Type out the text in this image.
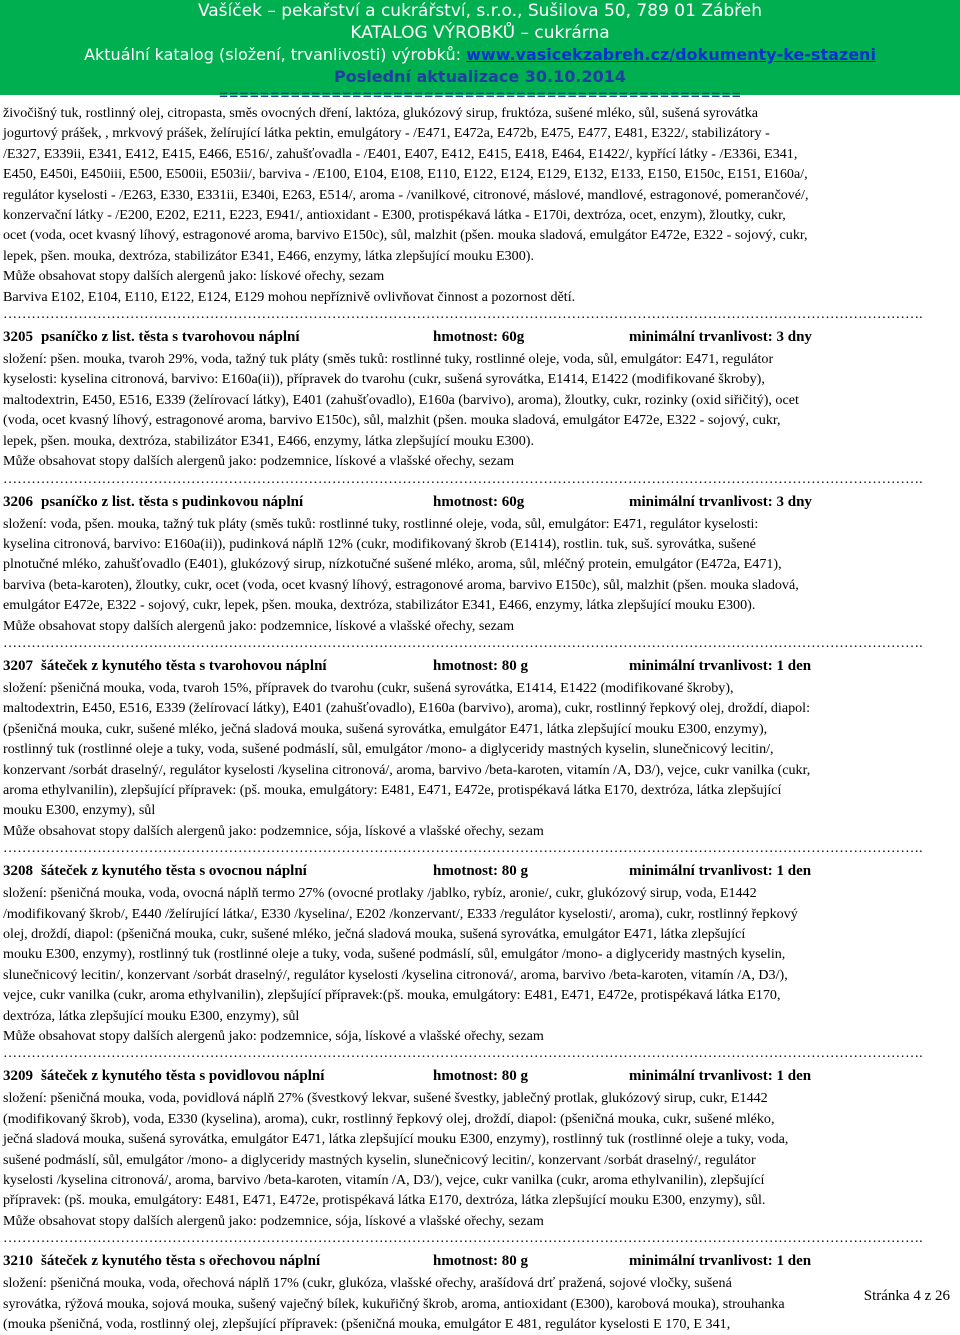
Vašíček – pekařství a cukrářství, s.r.o., Sušilova 50, 789 01 Zábřeh
KATALOG VÝROBKŮ – cukrárna
Aktuální katalog (složení, trvanlivosti) výrobků: www.vasicekzabreh.cz/dokumenty-ke-stazeni
Poslední aktualizace 30.10.2014
===================================================
živočišný tuk, rostlinný olej, citropasta, směs ovocných dření, laktóza, glukózový sirup, fruktóza, sušené mléko, sůl, sušená syrovátka
jogurtový prášek, , mrkvový prášek, želírující látka pektin, emulgátory - /E471, E472a, E472b, E475, E477, E481, E322/, stabilizátory -
/E327, E339ii, E341, E412, E415, E466, E516/, zahušťovadla - /E401, E407, E412, E415, E418, E464, E1422/, kypřící látky - /E336i, E341,
E450, E450i, E450iii, E500, E500ii, E503ii/, barviva - /E100, E104, E108, E110, E122, E124, E129, E132, E133, E150, E150c, E151, E160a/,
regulátor kyselosti - /E263, E330, E331ii, E340i, E263, E514/, aroma - /vanilkové, citronové, máslové, mandlové, estragonové, pomerančové/,
konzervační látky - /E200, E202, E211, E223, E941/, antioxidant - E300, protispékavá látka - E170i, dextróza, ocet, enzym), žloutky, cukr,
ocet (voda, ocet kvasný líhový, estragonové aroma, barvivo E150c), sůl, malzhit (pšen. mouka sladová, emulgátor E472e, E322 - sojový, cukr,
lepek, pšen. mouka, dextróza, stabilizátor E341, E466, enzymy, látka zlepšující mouku E300).
Může obsahovat stopy dalších alergenů jako: lískové ořechy, sezam
Barviva E102, E104, E110, E122, E124, E129 mohou nepříznivě ovlivňovat činnost a pozornost dětí.
…………………………………………………………………………………………………………………………………………………………………………….
3205 psaníčko z list. těsta s tvarohovou náplní	hmotnost: 60g	minimální trvanlivost: 3 dny
složení: pšen. mouka, tvaroh 29%, voda, tažný tuk pláty (směs tuků: rostlinné tuky, rostlinné oleje, voda, sůl, emulgátor: E471, regulátor
kyselosti: kyselina citronová, barvivo: E160a(ii)), přípravek do tvarohu (cukr, sušená syrovátka, E1414, E1422 (modifikované škroby),
maltodextrin, E450, E516, E339 (želírovací látky), E401 (zahušťovadlo), E160a (barvivo), aroma), žloutky, cukr, rozinky (oxid siřičitý), ocet
(voda, ocet kvasný líhový, estragonové aroma, barvivo E150c), sůl, malzhit (pšen. mouka sladová, emulgátor E472e, E322 - sojový, cukr,
lepek, pšen. mouka, dextróza, stabilizátor E341, E466, enzymy, látka zlepšující mouku E300).
Může obsahovat stopy dalších alergenů jako: podzemnice, lískové a vlašské ořechy, sezam
…………………………………………………………………………………………………………………………………………………………………………….
3206 psaníčko z list. těsta s pudinkovou náplní	hmotnost: 60g	minimální trvanlivost: 3 dny
složení: voda, pšen. mouka, tažný tuk pláty (směs tuků: rostlinné tuky, rostlinné oleje, voda, sůl, emulgátor: E471, regulátor kyselosti:
kyselina citronová, barvivo: E160a(ii)), pudinková náplň 12% (cukr, modifikovaný škrob (E1414), rostlin. tuk, suš. syrovátka, sušené
plnotučné mléko, zahušťovadlo (E401), glukózový sirup, nízkotučné sušené mléko, aroma, sůl, mléčný protein, emulgátor (E472a, E471),
barviva (beta-karoten), žloutky, cukr, ocet (voda, ocet kvasný líhový, estragonové aroma, barvivo E150c), sůl, malzhit (pšen. mouka sladová,
emulgátor E472e, E322 - sojový, cukr, lepek, pšen. mouka, dextróza, stabilizátor E341, E466, enzymy, látka zlepšující mouku E300).
Může obsahovat stopy dalších alergenů jako: podzemnice, lískové a vlašské ořechy, sezam
…………………………………………………………………………………………………………………………………………………………………………….
3207 šáteček z kynutého těsta s tvarohovou náplní	hmotnost: 80 g	minimální trvanlivost: 1 den
složení: pšeničná mouka, voda, tvaroh 15%, přípravek do tvarohu (cukr, sušená syrovátka, E1414, E1422 (modifikované škroby),
maltodextrin, E450, E516, E339 (želírovací látky), E401 (zahušťovadlo), E160a (barvivo), aroma), cukr, rostlinný řepkový olej, droždí, diapol:
(pšeničná mouka, cukr, sušené mléko, ječná sladová mouka, sušená syrovátka, emulgátor E471, látka zlepšující mouku E300, enzymy),
rostlinný tuk (rostlinné oleje a tuky, voda, sušené podmáslí, sůl, emulgátor /mono- a diglyceridy mastných kyselin, slunečnicový lecitin/,
konzervant /sorbát draselný/, regulátor kyselosti /kyselina citronová/, aroma, barvivo /beta-karoten, vitamín /A, D3/), vejce, cukr vanilka (cukr,
aroma ethylvanilin), zlepšující přípravek: (pš. mouka, emulgátory: E481, E471, E472e, protispékavá látka E170, dextróza, látka zlepšující
mouku E300, enzymy), sůl
Může obsahovat stopy dalších alergenů jako: podzemnice, sója, lískové a vlašské ořechy, sezam
…………………………………………………………………………………………………………………………………………………………………………….
3208 šáteček z kynutého těsta s ovocnou náplní	hmotnost: 80 g	minimální trvanlivost: 1 den
složení: pšeničná mouka, voda, ovocná náplň termo 27% (ovocné protlaky /jablko, rybíz, aronie/, cukr, glukózový sirup, voda, E1442
/modifikovaný škrob/, E440 /želírující látka/, E330 /kyselina/, E202 /konzervant/, E333 /regulátor kyselosti/, aroma), cukr, rostlinný řepkový
olej, droždí, diapol: (pšeničná mouka, cukr, sušené mléko, ječná sladová mouka, sušená syrovátka, emulgátor E471, látka zlepšující
mouku E300, enzymy), rostlinný tuk (rostlinné oleje a tuky, voda, sušené podmáslí, sůl, emulgátor /mono- a diglyceridy mastných kyselin,
slunečnicový lecitin/, konzervant /sorbát draselný/, regulátor kyselosti /kyselina citronová/, aroma, barvivo /beta-karoten, vitamín /A, D3/),
vejce, cukr vanilka (cukr, aroma ethylvanilin), zlepšující přípravek:(pš. mouka, emulgátory: E481, E471, E472e, protispékavá látka E170,
dextróza, látka zlepšující mouku E300, enzymy), sůl
Může obsahovat stopy dalších alergenů jako: podzemnice, sója, lískové a vlašské ořechy, sezam
…………………………………………………………………………………………………………………………………………………………………………….
3209 šáteček z kynutého těsta s povidlovou náplní	hmotnost: 80 g	minimální trvanlivost: 1 den
složení: pšeničná mouka, voda, povidlová náplň 27% (švestkový lekvar, sušené švestky, jablečný protlak, glukózový sirup, cukr, E1442
(modifikovaný škrob), voda, E330 (kyselina), aroma), cukr, rostlinný řepkový olej, droždí, diapol: (pšeničná mouka, cukr, sušené mléko,
ječná sladová mouka, sušená syrovátka, emulgátor E471, látka zlepšující mouku E300, enzymy), rostlinný tuk (rostlinné oleje a tuky, voda,
sušené podmáslí, sůl, emulgátor /mono- a diglyceridy mastných kyselin, slunečnicový lecitin/, konzervant /sorbát draselný/, regulátor
kyselosti /kyselina citronová/, aroma, barvivo /beta-karoten, vitamín /A, D3/), vejce, cukr vanilka (cukr, aroma ethylvanilin), zlepšující
přípravek: (pš. mouka, emulgátory: E481, E471, E472e, protispékavá látka E170, dextróza, látka zlepšující mouku E300, enzymy), sůl.
Může obsahovat stopy dalších alergenů jako: podzemnice, sója, lískové a vlašské ořechy, sezam
…………………………………………………………………………………………………………………………………………………………………………….
3210 šáteček z kynutého těsta s ořechovou náplní	hmotnost: 80 g	minimální trvanlivost: 1 den
složení: pšeničná mouka, voda, ořechová náplň 17% (cukr, glukóza, vlašské ořechy, arašídová drť pražená, sojové vločky, sušená
syrovátka, rýžová mouka, sojová mouka, sušený vaječný bílek, kukuřičný škrob, aroma, antioxidant (E300), karobová mouka), strouhanka
(mouka pšeničná, voda, rostlinný olej, zlepšující přípravek: (pšeničná mouka, emulgátor E 481, regulátor kyselosti E 170, E 341,
Stránka 4 z 26
